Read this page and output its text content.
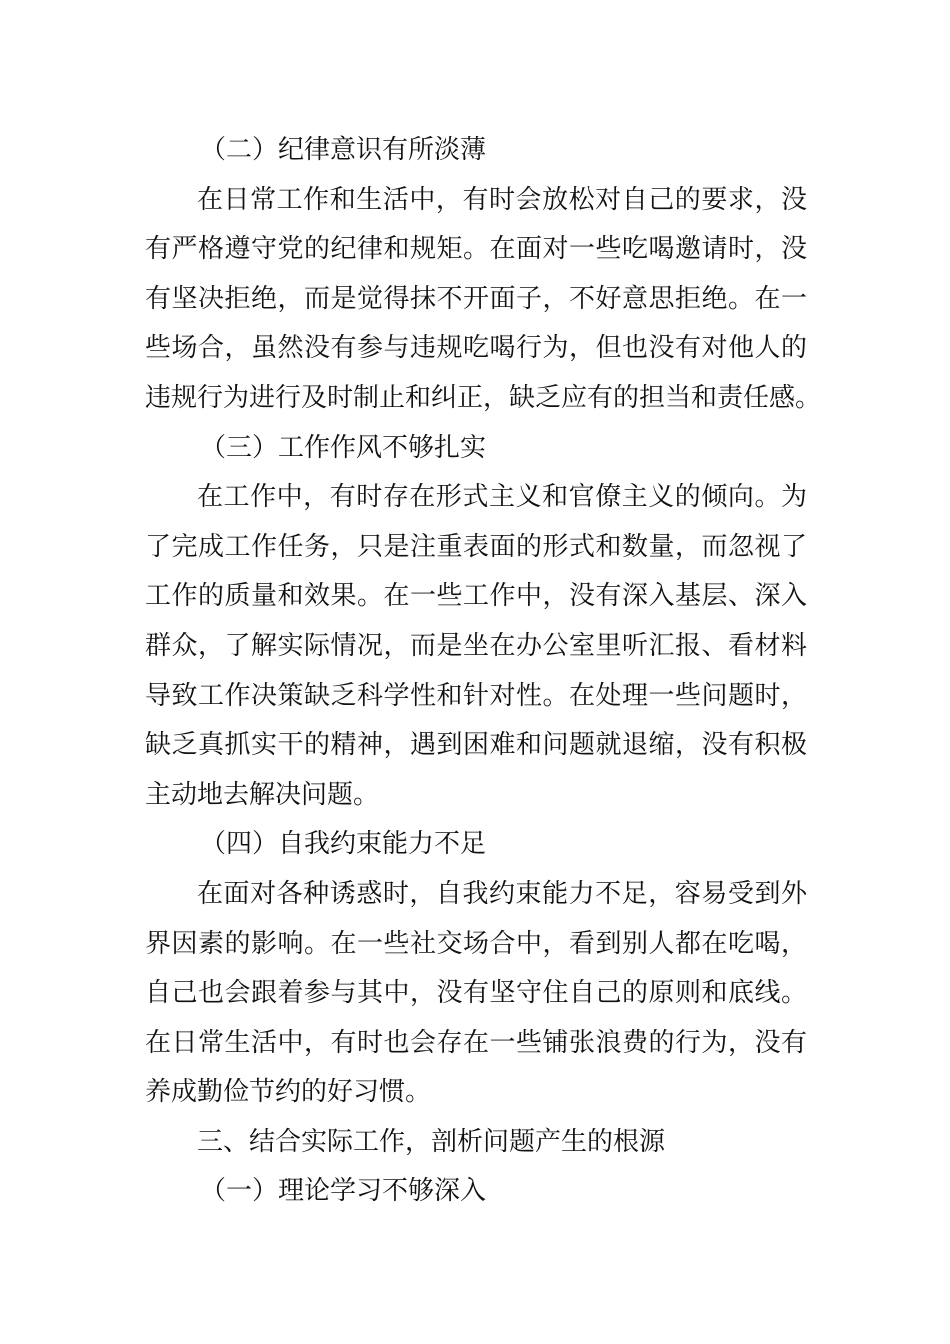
（二）纪律意识有所淡薄
在日常工作和生活中，有时会放松对自己的要求，没
有严格遵守党的纪律和规矩。在面对一些吃喝邀请时，没
有坚决拒绝，而是觉得抹不开面子，不好意思拒绝。在一
些场合，虽然没有参与违规吃喝行为，但也没有对他人的
违规行为进行及时制止和纠正，缺乏应有的担当和责任感。
（三）工作作风不够扎实
在工作中，有时存在形式主义和官僚主义的倾向。为
了完成工作任务，只是注重表面的形式和数量，而忽视了
工作的质量和效果。在一些工作中，没有深入基层、深入
群众，了解实际情况，而是坐在办公室里听汇报、看材料
导致工作决策缺乏科学性和针对性。在处理一些问题时，
缺乏真抓实干的精神，遇到困难和问题就退缩，没有积极
主动地去解决问题。
（四）自我约束能力不足
在面对各种诱惑时，自我约束能力不足，容易受到外
界因素的影响。在一些社交场合中，看到别人都在吃喝，
自己也会跟着参与其中，没有坚守住自己的原则和底线。
在日常生活中，有时也会存在一些铺张浪费的行为，没有
养成勤俭节约的好习惯。
三、结合实际工作，剖析问题产生的根源
（一）理论学习不够深入
